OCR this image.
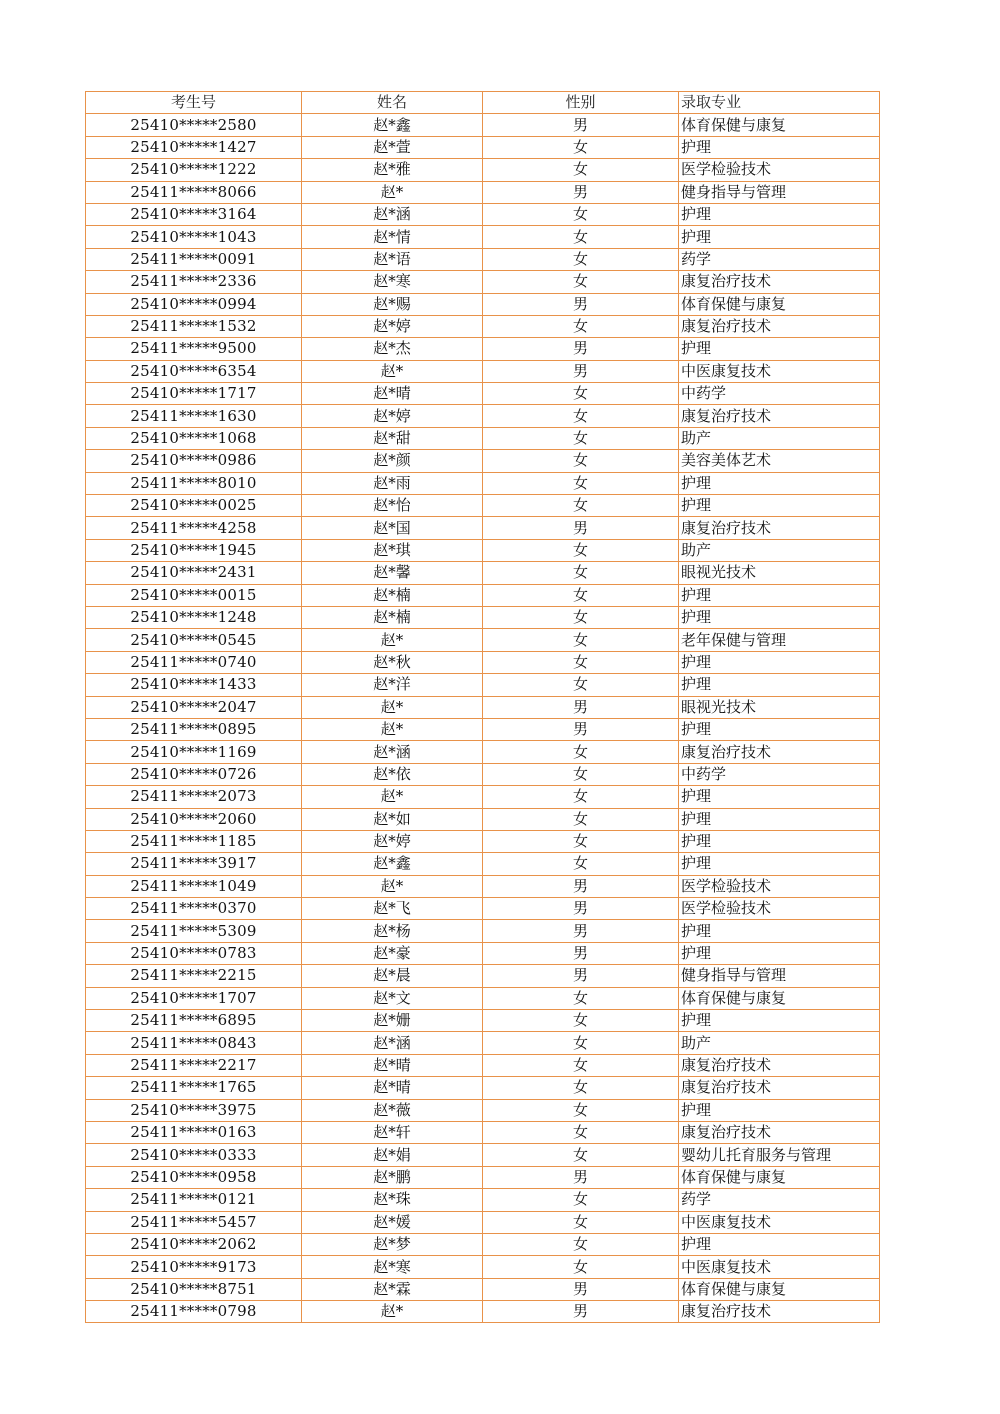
考生号	姓名	性别	录取专业
25410*****2580	赵*鑫	男	体育保健与康复
25410*****1427	赵*萱	女	护理
25410*****1222	赵*雅	女	医学检验技术
25411*****8066	赵*	男	健身指导与管理
25410*****3164	赵*涵	女	护理
25410*****1043	赵*情	女	护理
25411*****0091	赵*语	女	药学
25411*****2336	赵*寒	女	康复治疗技术
25410*****0994	赵*赐	男	体育保健与康复
25411*****1532	赵*婷	女	康复治疗技术
25411*****9500	赵*杰	男	护理
25410*****6354	赵*	男	中医康复技术
25410*****1717	赵*晴	女	中药学
25411*****1630	赵*婷	女	康复治疗技术
25410*****1068	赵*甜	女	助产
25410*****0986	赵*颜	女	美容美体艺术
25411*****8010	赵*雨	女	护理
25410*****0025	赵*怡	女	护理
25411*****4258	赵*国	男	康复治疗技术
25410*****1945	赵*琪	女	助产
25410*****2431	赵*馨	女	眼视光技术
25410*****0015	赵*楠	女	护理
25410*****1248	赵*楠	女	护理
25410*****0545	赵*	女	老年保健与管理
25411*****0740	赵*秋	女	护理
25410*****1433	赵*洋	女	护理
25410*****2047	赵*	男	眼视光技术
25411*****0895	赵*	男	护理
25410*****1169	赵*涵	女	康复治疗技术
25410*****0726	赵*依	女	中药学
25411*****2073	赵*	女	护理
25410*****2060	赵*如	女	护理
25411*****1185	赵*婷	女	护理
25411*****3917	赵*鑫	女	护理
25411*****1049	赵*	男	医学检验技术
25411*****0370	赵*飞	男	医学检验技术
25411*****5309	赵*杨	男	护理
25410*****0783	赵*豪	男	护理
25411*****2215	赵*晨	男	健身指导与管理
25410*****1707	赵*文	女	体育保健与康复
25411*****6895	赵*姗	女	护理
25411*****0843	赵*涵	女	助产
25411*****2217	赵*晴	女	康复治疗技术
25411*****1765	赵*晴	女	康复治疗技术
25410*****3975	赵*薇	女	护理
25411*****0163	赵*轩	女	康复治疗技术
25410*****0333	赵*娟	女	婴幼儿托育服务与管理
25410*****0958	赵*鹏	男	体育保健与康复
25411*****0121	赵*珠	女	药学
25411*****5457	赵*媛	女	中医康复技术
25410*****2062	赵*梦	女	护理
25410*****9173	赵*寒	女	中医康复技术
25410*****8751	赵*霖	男	体育保健与康复
25411*****0798	赵*	男	康复治疗技术
